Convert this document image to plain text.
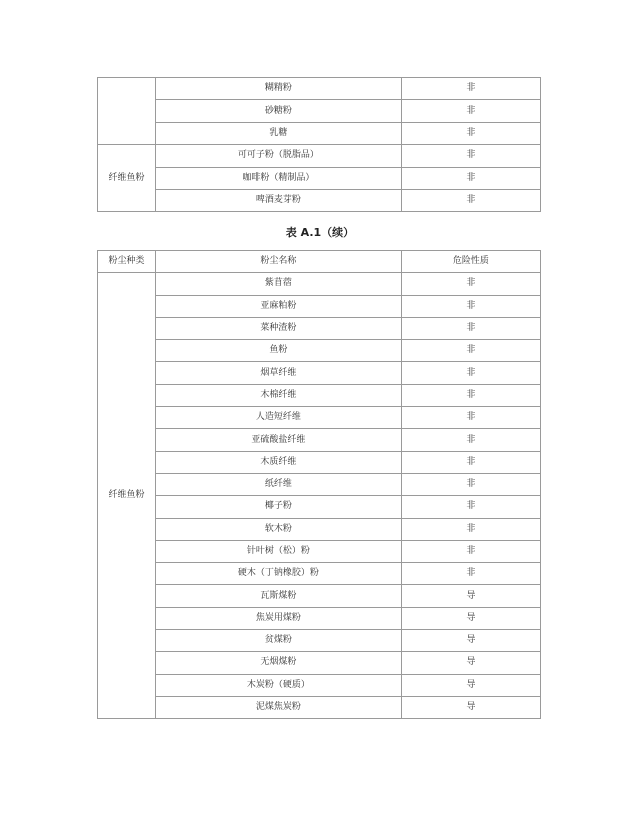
	糊精粉	非
	砂糖粉	非
	乳糖	非
纤维鱼粉	可可子粉（脱脂品）	非
	咖啡粉（精制品）	非
	啤酒麦芽粉	非
表 A.1（续）
粉尘种类	粉尘名称	危险性质
纤维鱼粉	紫苜蓿	非
	亚麻粕粉	非
	菜种渣粉	非
	鱼粉	非
	烟草纤维	非
	木棉纤维	非
	人造短纤维	非
	亚硫酸盐纤维	非
	木质纤维	非
	纸纤维	非
	椰子粉	非
	软木粉	非
	针叶树（松）粉	非
	硬木（丁钠橡胶）粉	非
	瓦斯煤粉	导
	焦炭用煤粉	导
	贫煤粉	导
	无烟煤粉	导
	木炭粉（硬质）	导
	泥煤焦炭粉	导
